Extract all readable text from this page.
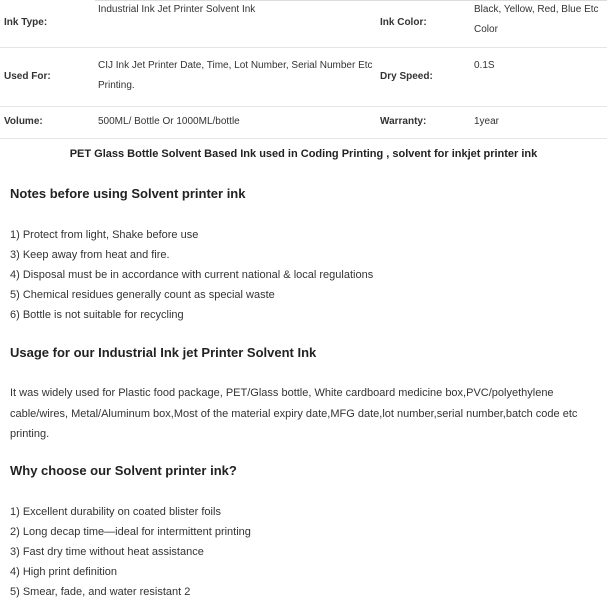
Ink Type:	Industrial Ink Jet Printer Solvent Ink	Ink Color:	Black, Yellow, Red, Blue Etc Color
Used For:	CIJ Ink Jet Printer Date, Time, Lot Number, Serial Number Etc Printing.	Dry Speed:	0.1S
Volume:	500ML/ Bottle Or 1000ML/bottle	Warranty:	1year
PET Glass Bottle Solvent Based Ink used in Coding Printing , solvent for inkjet printer ink
Notes before using Solvent printer ink
1) Protect from light, Shake before use
3) Keep away from heat and fire.
4) Disposal must be in accordance with current national & local regulations
5) Chemical residues generally count as special waste
6) Bottle is not suitable for recycling
Usage for our Industrial Ink jet Printer Solvent Ink

It was widely used for Plastic food package, PET/Glass bottle, White cardboard medicine box,PVC/polyethylene cable/wires, Metal/Aluminum box,Most of the material expiry date,MFG date,lot number,serial number,batch code etc printing.

Why choose our Solvent printer ink?
1) Excellent durability on coated blister foils
2) Long decap time—ideal for intermittent printing
3) Fast dry time without heat assistance
4) High print definition
5) Smear, fade, and water resistant 2
